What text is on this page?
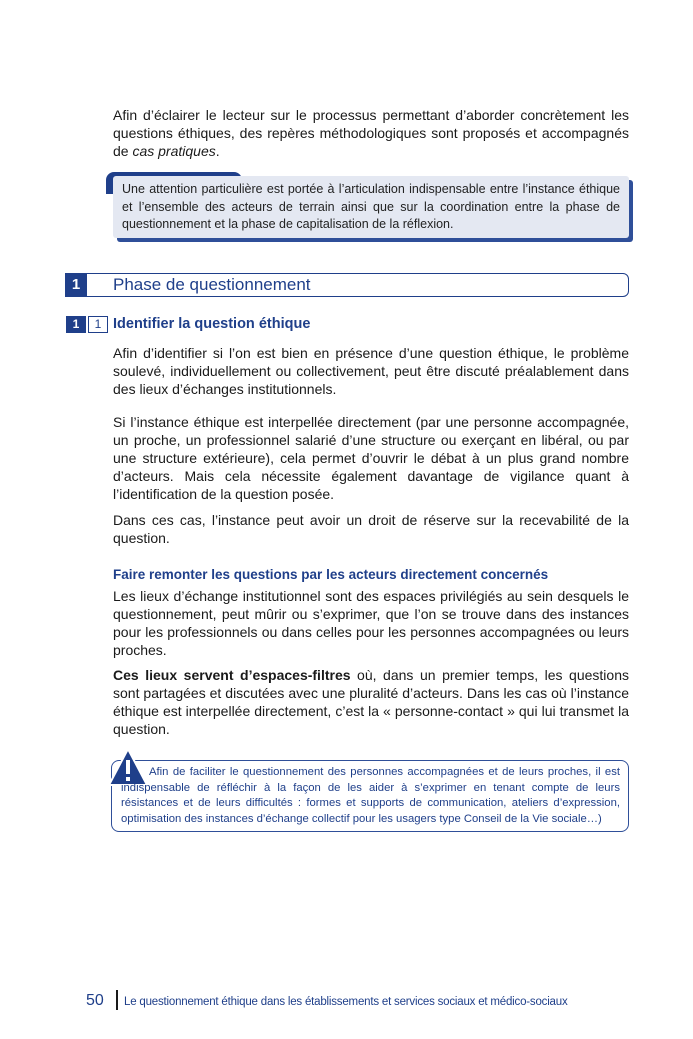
Afin d’éclairer le lecteur sur le processus permettant d’aborder concrètement les questions éthiques, des repères méthodologiques sont proposés et accompagnés de cas pratiques.

Une attention particulière est portée à l’articulation indispensable entre l’instance éthique et l’ensemble des acteurs de terrain ainsi que sur la coordination entre la phase de questionnement et la phase de capitalisation de la réflexion.

1	Phase de questionnement
1	1 Identifier la question éthique

Afin d’identifier si l’on est bien en présence d’une question éthique, le problème soulevé, individuellement ou collectivement, peut être discuté préalablement dans des lieux d’échanges institutionnels.

Si l’instance éthique est interpellée directement (par une personne accompagnée, un proche, un professionnel salarié d’une structure ou exerçant en libéral, ou par une structure extérieure), cela permet d’ouvrir le débat à un plus grand nombre d’acteurs. Mais cela nécessite également davantage de vigilance quant à l’identification de la question posée.

Dans ces cas, l’instance peut avoir un droit de réserve sur la recevabilité de la question.

Faire remonter les questions par les acteurs directement concernés

Les lieux d’échange institutionnel sont des espaces privilégiés au sein desquels le questionnement, peut mûrir ou s’exprimer, que l’on se trouve dans des instances pour les professionnels ou dans celles pour les personnes accompagnées ou leurs proches.

Ces lieux servent d’espaces-filtres où, dans un premier temps, les questions sont partagées et discutées avec une pluralité d’acteurs. Dans les cas où l’instance éthique est interpellée directement, c’est la « personne-contact » qui lui transmet la question.

Afin de faciliter le questionnement des personnes accompagnées et de leurs proches, il est indispensable de réfléchir à la façon de les aider à s’exprimer en tenant compte de leurs résistances et de leurs difficultés : formes et supports de communication, ateliers d’expression, optimisation des instances d’échange collectif pour les usagers type Conseil de la Vie sociale…)

50 Le questionnement éthique dans les établissements et services sociaux et médico-sociaux
